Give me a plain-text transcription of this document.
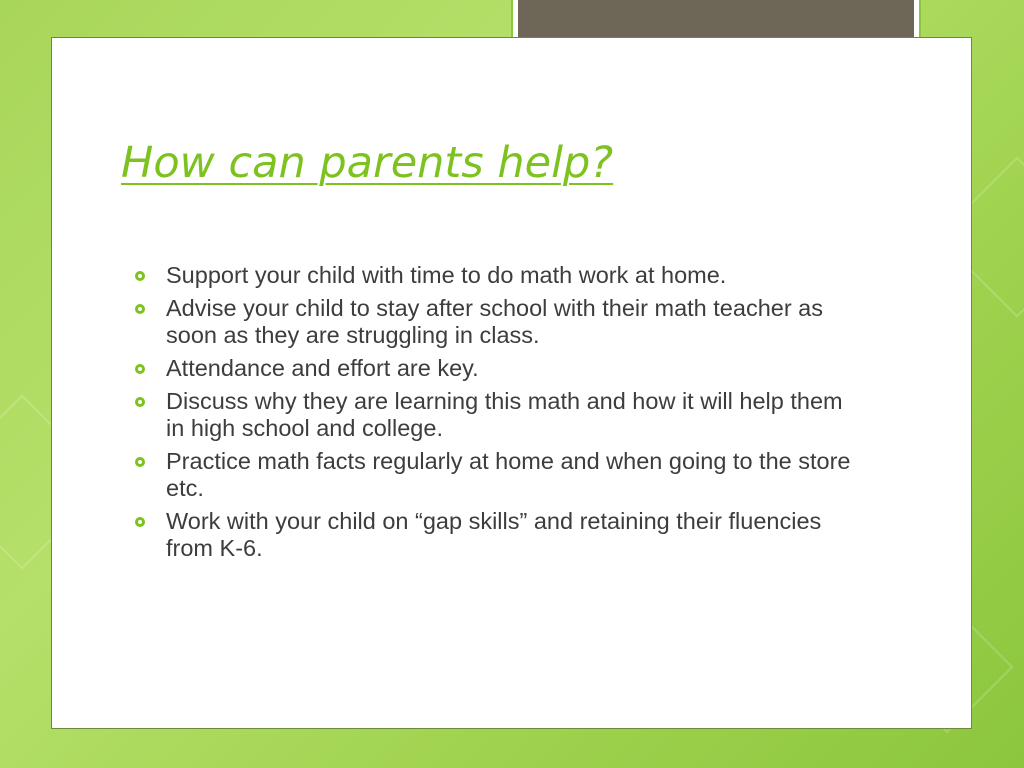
How can parents help?
Support your child with time to do math work at home.
Advise your child to stay after school with their math teacher as soon as they are struggling in class.
Attendance and effort are key.
Discuss why they are learning this math and how it will help them in high school and college.
Practice math facts regularly at home and when going to the store etc.
Work with your child on “gap skills” and retaining their fluencies from K-6.
